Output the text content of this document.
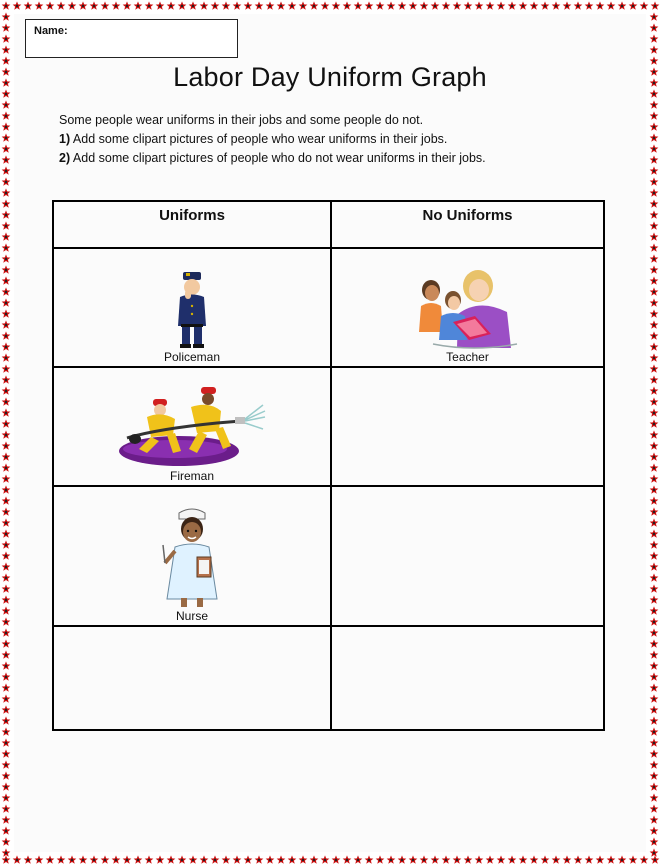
Name:
Labor Day Uniform Graph
Some people wear uniforms in their jobs and some people do not.
1) Add some clipart pictures of people who wear uniforms in their jobs.
2) Add some clipart pictures of people who do not wear uniforms in their jobs.
Uniforms	No Uniforms

Policeman	Teacher

Fireman	

Nurse	
